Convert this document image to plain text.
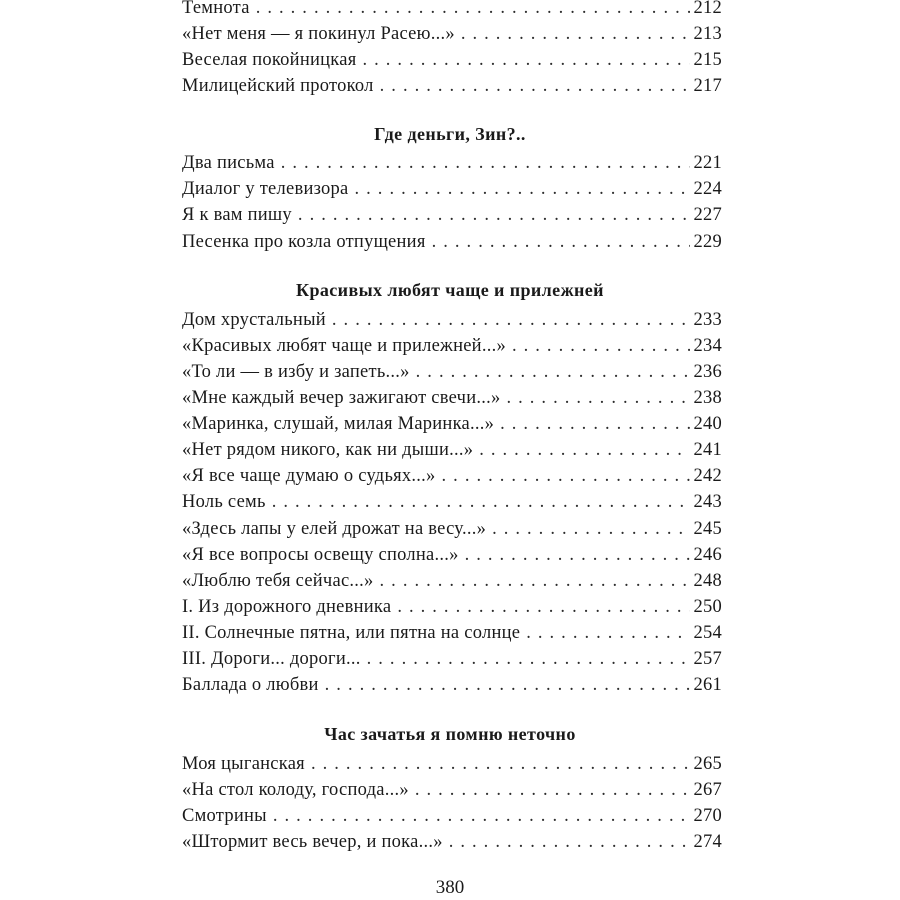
Темнота . . .	212
«Нет меня — я покинул Расею...» . . .	213
Веселая покойницкая . . .	215
Милицейский протокол . . .	217
Где деньги, Зин?..
Два письма . . .	221
Диалог у телевизора . . .	224
Я к вам пишу . . .	227
Песенка про козла отпущения . . .	229
Красивых любят чаще и прилежней
Дом хрустальный . . .	233
«Красивых любят чаще и прилежней...» . . .	234
«То ли — в избу и запеть...» . . .	236
«Мне каждый вечер зажигают свечи...» . . .	238
«Маринка, слушай, милая Маринка...» . . .	240
«Нет рядом никого, как ни дыши...» . . .	241
«Я все чаще думаю о судьях...» . . .	242
Ноль семь . . .	243
«Здесь лапы у елей дрожат на весу...» . . .	245
«Я все вопросы освещу сполна...» . . .	246
«Люблю тебя сейчас...» . . .	248
I. Из дорожного дневника . . .	250
II. Солнечные пятна, или пятна на солнце . . .	254
III. Дороги... дороги... . . .	257
Баллада о любви . . .	261
Час зачатья я помню неточно
Моя цыганская . . .	265
«На стол колоду, господа...» . . .	267
Смотрины . . .	270
«Штормит весь вечер, и пока...» . . .	274
380
